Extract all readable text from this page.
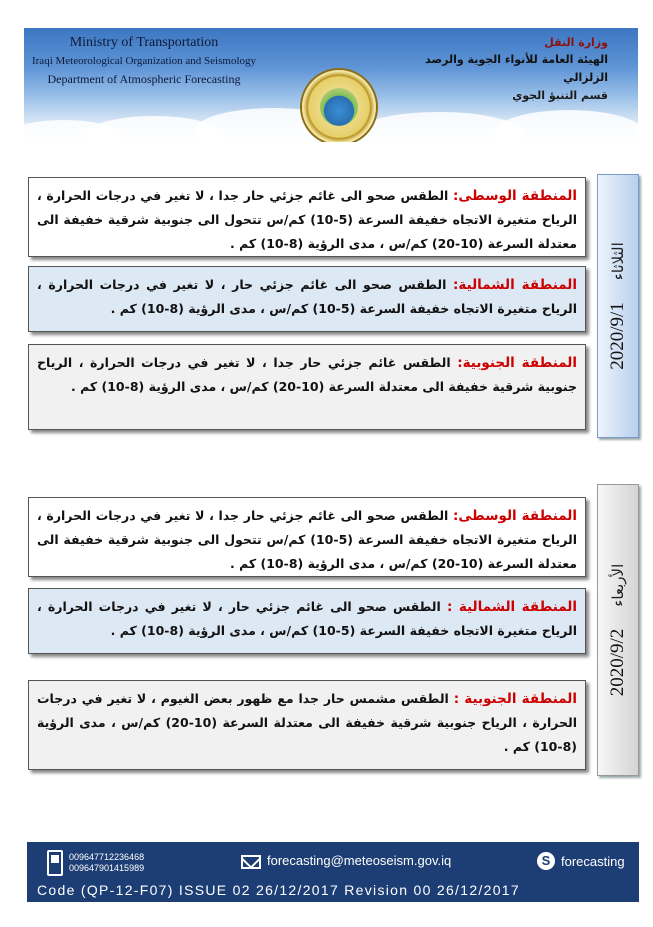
Ministry of Transportation
Iraqi Meteorological Organization and Seismology
Department of Atmospheric Forecasting
وزارة النقل
الهيئة العامة للأنواء الجوية والرصد الزلزالي
قسم التنبؤ الجوي
2020/9/1
الثلاثاء
المنطقة الوسطى: الطقس صحو الى غائم جزئي حار جدا ، لا تغير في درجات الحرارة ، الرياح متغيرة الاتجاه خفيفة السرعة (5-10) كم/س تتحول الى جنوبية شرقية خفيفة الى معتدلة السرعة (10-20) كم/س ، مدى الرؤية (8-10) كم .
المنطقة الشمالية: الطقس صحو الى غائم جزئي حار ، لا تغير في درجات الحرارة ، الرياح متغيرة الاتجاه خفيفة السرعة (5-10) كم/س ، مدى الرؤية (8-10) كم .
المنطقة الجنوبية: الطقس غائم جزئي حار جدا ، لا تغير في درجات الحرارة ، الرياح جنوبية شرقية خفيفة الى معتدلة السرعة (10-20) كم/س ، مدى الرؤية (8-10) كم .
2020/9/2
الأربعاء
المنطقة الوسطى: الطقس صحو الى غائم جزئي حار جدا ، لا تغير في درجات الحرارة ، الرياح متغيرة الاتجاه خفيفة السرعة (5-10) كم/س تتحول الى جنوبية شرقية خفيفة الى معتدلة السرعة (10-20) كم/س ، مدى الرؤية (8-10) كم .
المنطقة الشمالية : الطقس صحو الى غائم جزئي حار ، لا تغير في درجات الحرارة ، الرياح متغيرة الاتجاه خفيفة السرعة (5-10) كم/س ، مدى الرؤية (8-10) كم .
المنطقة الجنوبية : الطقس مشمس حار جدا مع ظهور بعض الغيوم ، لا تغير في درجات الحرارة ، الرياح جنوبية شرقية خفيفة الى معتدلة السرعة (10-20) كم/س ، مدى الرؤية (8-10) كم .
009647712236468
009647901415989	forecasting@meteoseism.gov.iq	S forecasting
Code (QP-12-F07) ISSUE 02 26/12/2017 Revision 00 26/12/2017
